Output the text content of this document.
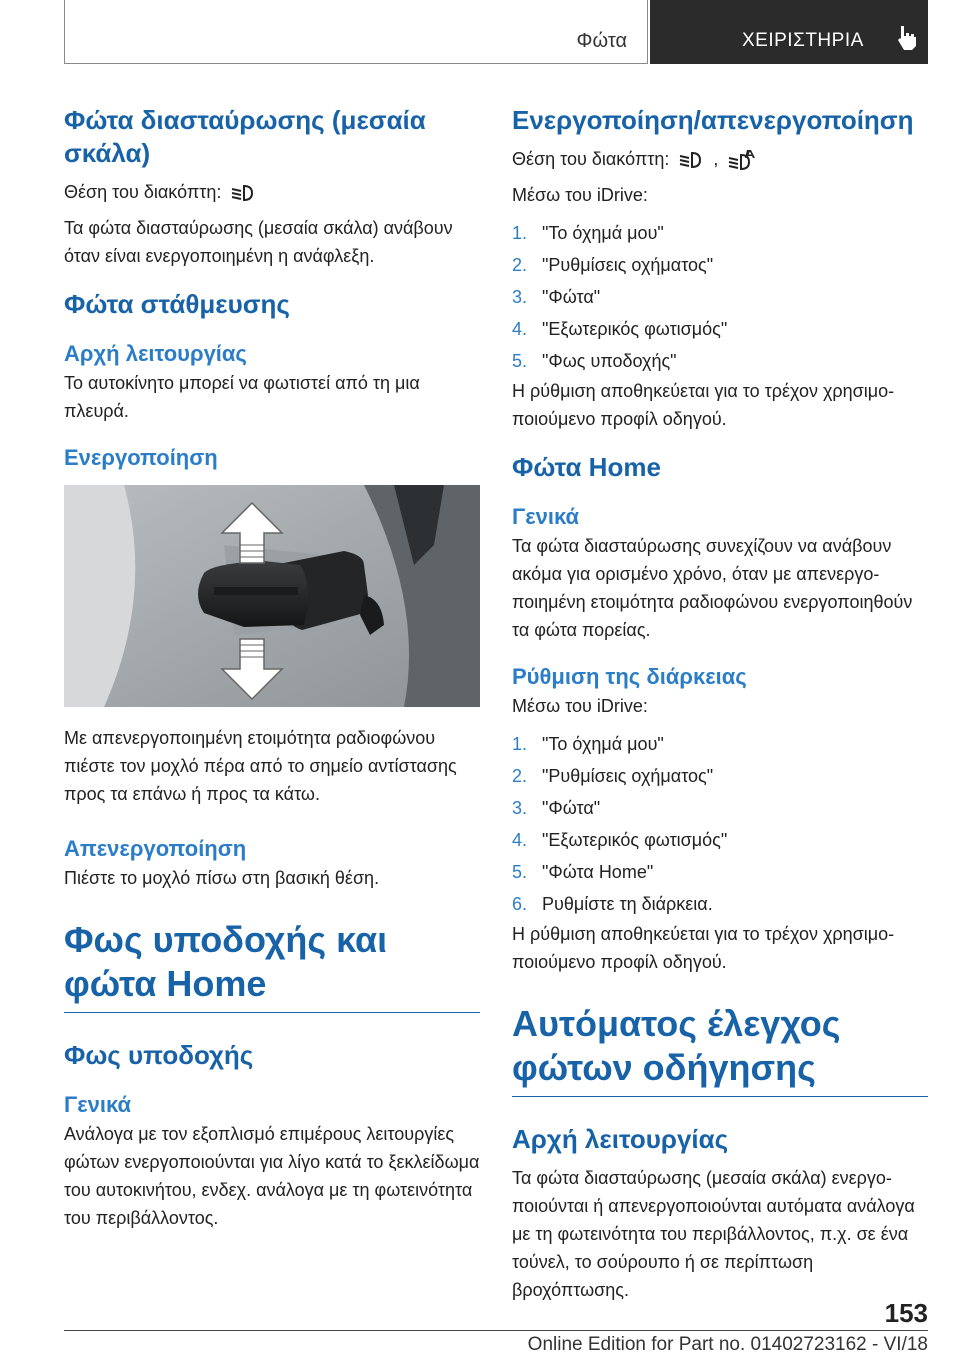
Φώτα	ΧΕΙΡΙΣΤΗΡΙΑ
Φώτα διασταύρωσης (μεσαία σκάλα)

Θέση του διακόπτη:

Τα φώτα διασταύρωσης (μεσαία σκάλα) ανάβουν όταν είναι ενεργοποιημένη η ανάφλεξη.

Φώτα στάθμευσης
Αρχή λειτουργίας

Το αυτοκίνητο μπορεί να φωτιστεί από τη μια πλευρά.

Ενεργοποίηση

Με απενεργοποιημένη ετοιμότητα ραδιοφώνου πιέστε τον μοχλό πέρα από το σημείο αντίστασης προς τα επάνω ή προς τα κάτω.

Απενεργοποίηση

Πιέστε το μοχλό πίσω στη βασική θέση.

Φως υποδοχής και φώτα Home
Φως υποδοχής
Γενικά

Ανάλογα με τον εξοπλισμό επιμέρους λειτουργίες φώτων ενεργοποιούνται για λίγο κατά το ξεκλείδωμα του αυτοκινήτου, ενδεχ. ανάλογα με τη φωτεινότητα του περιβάλλοντος.

Ενεργοποίηση/απενεργοποίηση

Θέση του διακόπτη:  ,

Μέσω του iDrive:

1. "Το όχημά μου"
2. "Ρυθμίσεις οχήματος"
3. "Φώτα"
4. "Εξωτερικός φωτισμός"
5. "Φως υποδοχής"

Η ρύθμιση αποθηκεύεται για το τρέχον χρησιμοποιούμενο προφίλ οδηγού.

Φώτα Home
Γενικά

Τα φώτα διασταύρωσης συνεχίζουν να ανάβουν ακόμα για ορισμένο χρόνο, όταν με απενεργοποιημένη ετοιμότητα ραδιοφώνου ενεργοποιηθούν τα φώτα πορείας.

Ρύθμιση της διάρκειας

Μέσω του iDrive:

1. "Το όχημά μου"
2. "Ρυθμίσεις οχήματος"
3. "Φώτα"
4. "Εξωτερικός φωτισμός"
5. "Φώτα Home"
6. Ρυθμίστε τη διάρκεια.

Η ρύθμιση αποθηκεύεται για το τρέχον χρησιμοποιούμενο προφίλ οδηγού.

Αυτόματος έλεγχος φώτων οδήγησης
Αρχή λειτουργίας

Τα φώτα διασταύρωσης (μεσαία σκάλα) ενεργοποιούνται ή απενεργοποιούνται αυτόματα ανάλογα με τη φωτεινότητα του περιβάλλοντος, π.χ. σε ένα τούνελ, το σούρουπο ή σε περίπτωση βροχόπτωσης.

153
Online Edition for Part no. 01402723162 - VI/18
